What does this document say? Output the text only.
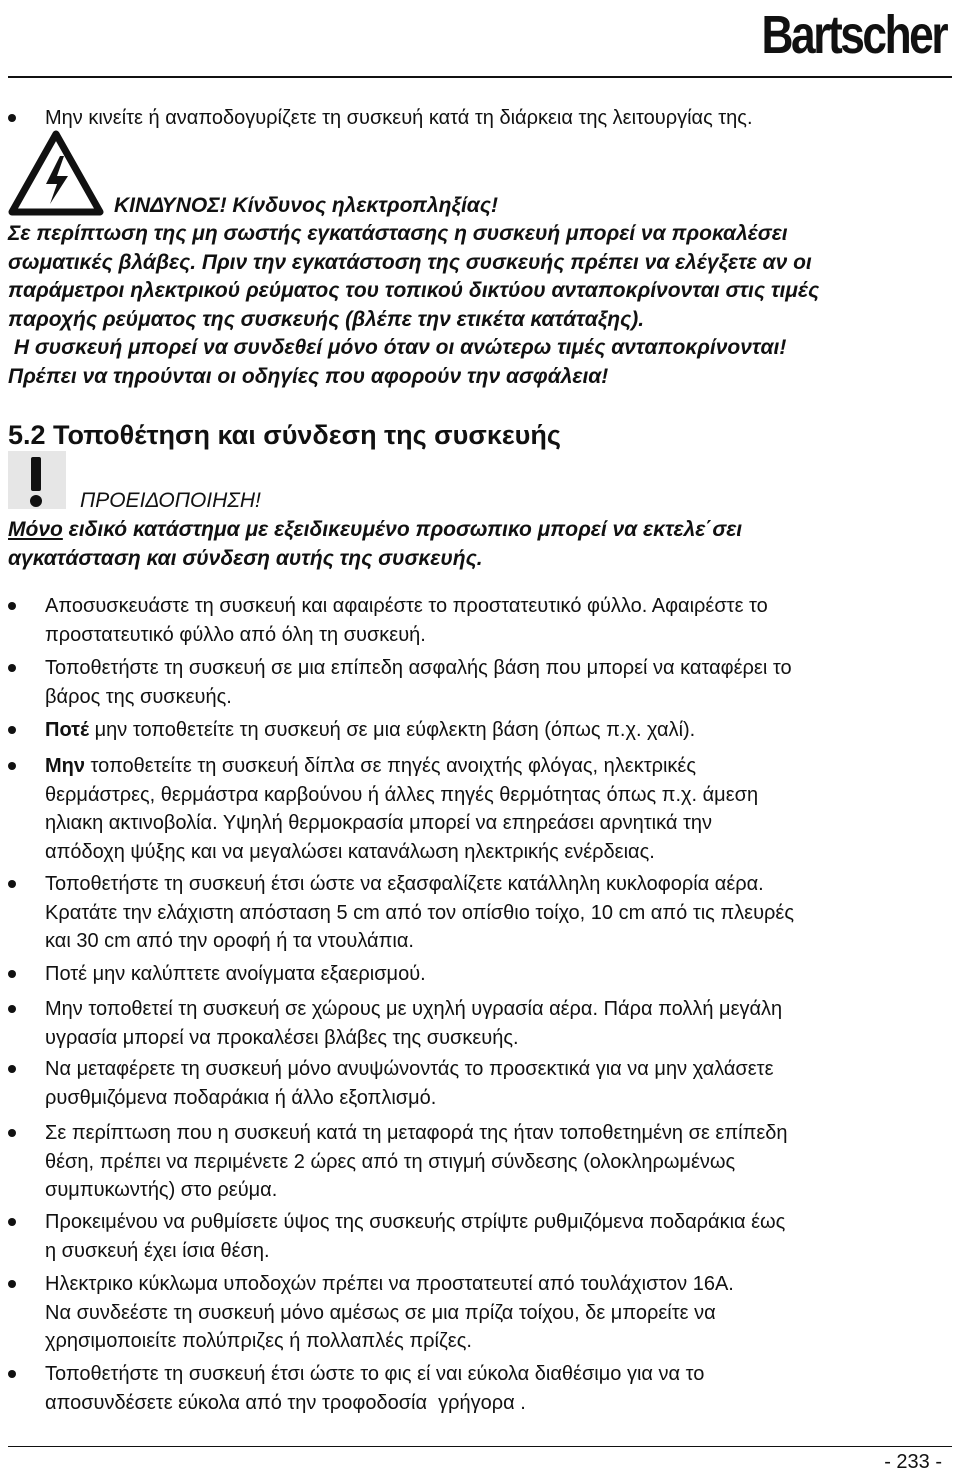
Bartscher
Μην κινείτε ή αναποδογυρίζετε τη συσκευή κατά τη διάρκεια της λειτουργίας της.
ΚΙΝΔΥΝΟΣ! Κίνδυνος ηλεκτροπληξίας!
Σε περίπτωση της μη σωστής εγκατάστασης η συσκευή μπορεί να προκαλέσει
σωματικές βλάβες. Πριν την εγκατάστοση της συσκευής πρέπει να ελέγξετε αν οι
παράμετροι ηλεκτρικού ρεύματος του τοπικού δικτύου ανταποκρίνονται στις τιμές
παροχής ρεύματος της συσκευής (βλέπε την ετικέτα κατάταξης).
Η συσκευή μπορεί να συνδεθεί μόνο όταν οι ανώτερω τιμές ανταποκρίνονται!
Πρέπει να τηρούνται οι οδηγίες που αφορούν την ασφάλεια!
5.2 Τοποθέτηση και σύνδεση της συσκευής
ΠΡΟΕΙΔΟΠΟΙΗΣΗ!
Μόνο ειδικό κατάστημα με εξειδικευμένο προσωπικο μπορεί να εκτελε΄σει
αγκατάσταση και σύνδεση αυτής της συσκευής.
Αποσυσκευάστε τη συσκευή και αφαιρέστε το προστατευτικό φύλλο. Αφαιρέστε το
προστατευτικό φύλλο από όλη τη συσκευή.
Τοποθετήστε τη συσκευή σε μια επίπεδη ασφαλής βάση που μπορεί να καταφέρει το
βάρος της συσκευής.
Ποτέ μην τοποθετείτε τη συσκευή σε μια εύφλεκτη βάση (όπως π.χ. χαλί).
Μην τοποθετείτε τη συσκευή δίπλα σε πηγές ανοιχτής φλόγας, ηλεκτρικές
θερμάστρες, θερμάστρα καρβούνου ή άλλες πηγές θερμότητας όπως π.χ. άμεση
ηλιακη ακτινοβολία. Υψηλή θερμοκρασία μπορεί να επηρεάσει αρνητικά την
απόδοχη ψύξης και να μεγαλώσει κατανάλωση ηλεκτρικής ενέρδειας.
Τοποθετήστε τη συσκευή έτσι ώστε να εξασφαλίζετε κατάλληλη κυκλοφορία αέρα.
Κρατάτε την ελάχιστη απόσταση 5 cm από τον οπίσθιο τοίχο, 10 cm από τις πλευρές
και 30 cm από την οροφή ή τα ντουλάπια.
Ποτέ μην καλύπτετε ανοίγματα εξαερισμού.
Μην τοποθετεί τη συσκευή σε χώρους με υχηλή υγρασία αέρα. Πάρα πολλή μεγάλη
υγρασία μπορεί να προκαλέσει βλάβες της συσκευής.
Να μεταφέρετε τη συσκευή μόνο ανυψώνοντάς το προσεκτικά για να μην χαλάσετε
ρυσθμιζόμενα ποδαράκια ή άλλο εξοπλισμό.
Σε περίπτωση που η συσκευή κατά τη μεταφορά της ήταν τοποθετημένη σε επίπεδη
θέση, πρέπει να περιμένετε 2 ώρες από τη στιγμή σύνδεσης (ολοκληρωμένως
συμπυκωντής) στο ρεύμα.
Προκειμένου να ρυθμίσετε ύψος της συσκευής στρίψτε ρυθμιζόμενα ποδαράκια έως
η συσκευή έχει ίσια θέση.
Ηλεκτρικο κύκλωμα υποδοχών πρέπει να προστατευτεί από τουλάχιστον 16Α.
Να συνδεέστε τη συσκευή μόνο αμέσως σε μια πρίζα τοίχου, δε μπορείτε να
χρησιμοποιείτε πολύπριζες ή πολλαπλές πρίζες.
Τοποθετήστε τη συσκευή έτσι ώστε το φις εί ναι εύκολα διαθέσιμο για να το
αποσυνδέσετε εύκολα από την τροφοδοσία  γρήγορα .
- 233 -
